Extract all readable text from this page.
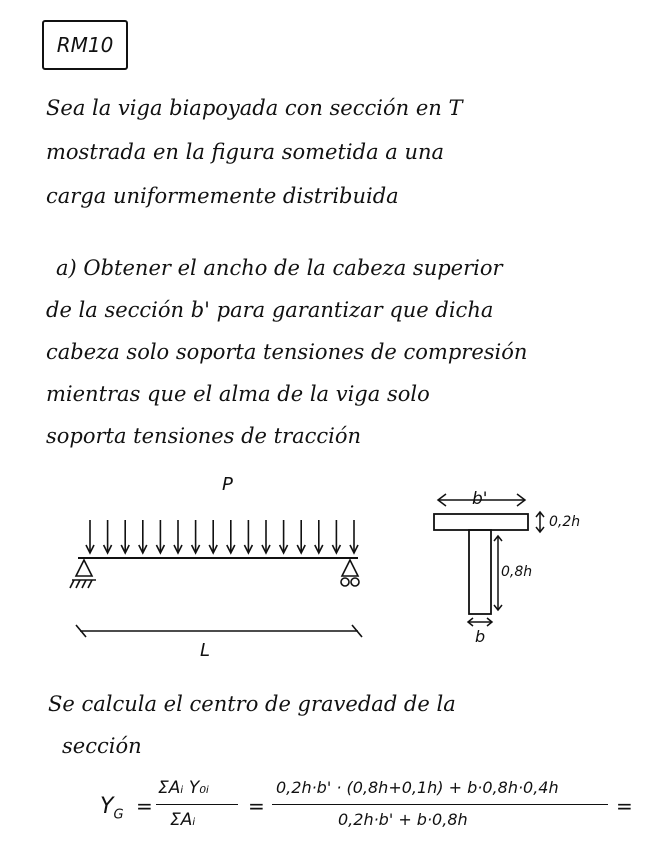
RM10
Sea la viga biapoyada con sección en T
mostrada en la figura sometida a una
carga uniformemente distribuida
a) Obtener el ancho de la cabeza superior
de la sección b' para garantizar que dicha
cabeza solo soporta tensiones de compresión
mientras que el alma de la viga solo
soporta tensiones de tracción
P
L
b'
0,2h
0,8h
b
Se calcula el centro de gravedad de la
sección
$Y_G$ =
ΣAᵢ Y₀ᵢ
ΣAᵢ
=
0,2h·b' · (0,8h+0,1h) + b·0,8h·0,4h
0,2h·b' + b·0,8h
=
